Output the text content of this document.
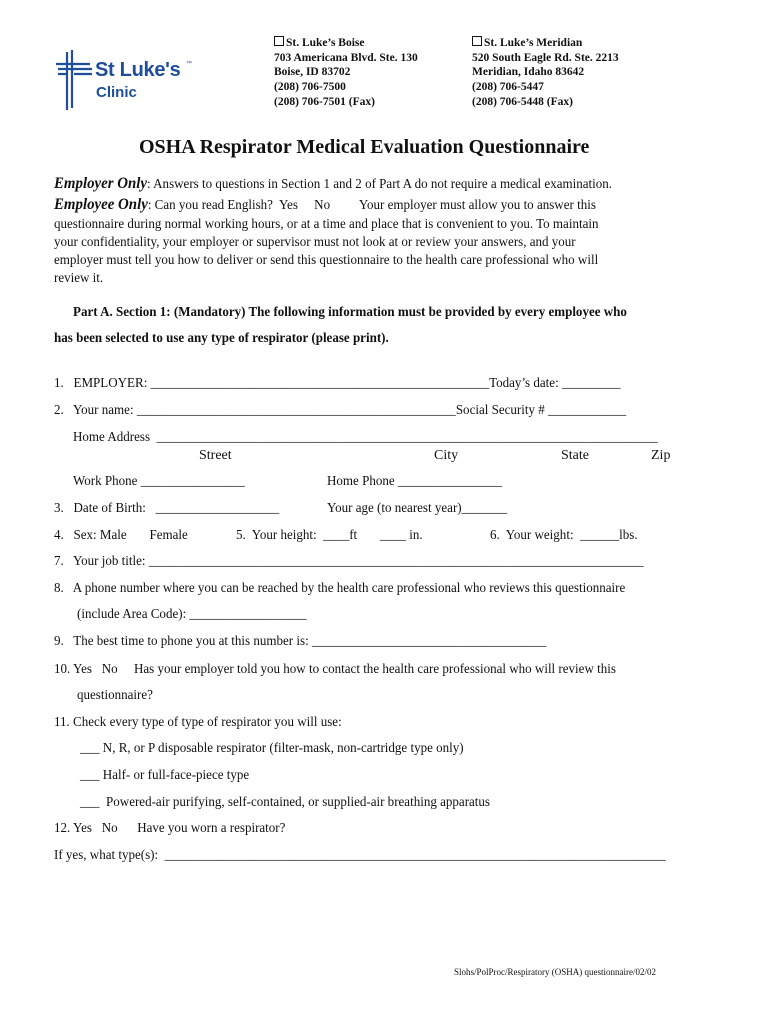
St Luke's ™
Clinic
St. Luke’s Boise
703 Americana Blvd. Ste. 130
Boise, ID 83702
(208) 706-7500
(208) 706-7501 (Fax)
St. Luke’s Meridian
520 South Eagle Rd. Ste. 2213
Meridian, Idaho 83642
(208) 706-5447
(208) 706-5448 (Fax)
OSHA Respirator Medical Evaluation Questionnaire
Employer Only: Answers to questions in Section 1 and 2 of Part A do not require a medical examination.
Employee Only: Can you read English?  Yes     No         Your employer must allow you to answer this
questionnaire during normal working hours, or at a time and place that is convenient to you. To maintain
your confidentiality, your employer or supervisor must not look at or review your answers, and your
employer must tell you how to deliver or send this questionnaire to the health care professional who will
review it.
Part A. Section 1: (Mandatory) The following information must be provided by every employee who
has been selected to use any type of respirator (please print).
1.   EMPLOYER: ____________________________________________________Today’s date: _________
2.   Your name: _________________________________________________Social Security # ____________
Home Address  _____________________________________________________________________________
Street	City	State	Zip
Work Phone ________________	Home Phone ________________
3.   Date of Birth:   ___________________	Your age (to nearest year)_______
4.   Sex: Male       Female	5.  Your height:  ____ft       ____ in.	6.  Your weight:  ______lbs.
7.   Your job title: ____________________________________________________________________________
8.   A phone number where you can be reached by the health care professional who reviews this questionnaire
(include Area Code): __________________
9.   The best time to phone you at this number is: ____________________________________
10. Yes   No     Has your employer told you how to contact the health care professional who will review this
questionnaire?
11. Check every type of type of respirator you will use:
___ N, R, or P disposable respirator (filter-mask, non-cartridge type only)
___ Half- or full-face-piece type
___  Powered-air purifying, self-contained, or supplied-air breathing apparatus
12. Yes   No      Have you worn a respirator?
If yes, what type(s):  _____________________________________________________________________________
Slohs/PolProc/Respiratory (OSHA) questionnaire/02/02
